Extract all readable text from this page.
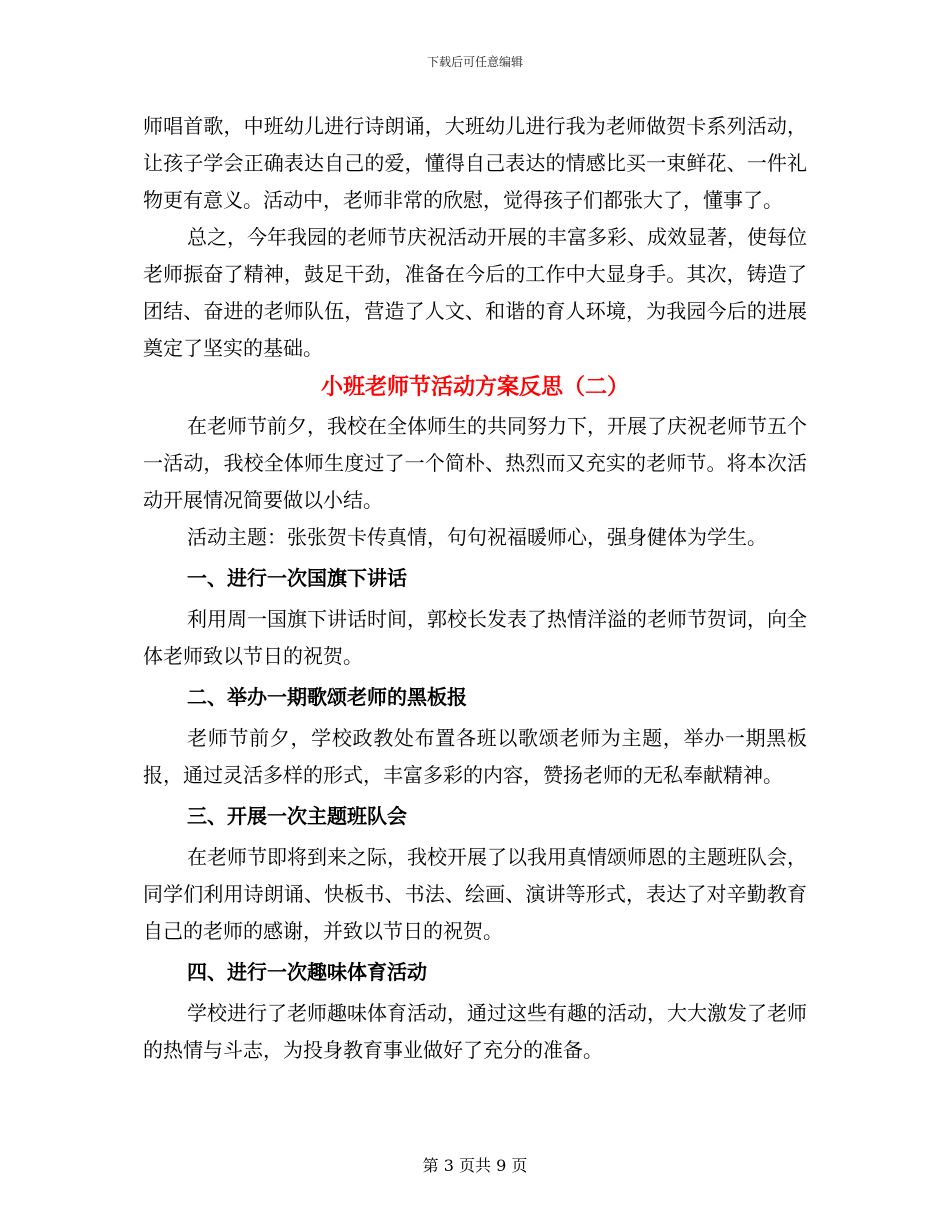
下载后可任意编辑

师唱首歌，中班幼儿进行诗朗诵，大班幼儿进行我为老师做贺卡系列活动，让孩子学会正确表达自己的爱，懂得自己表达的情感比买一束鲜花、一件礼物更有意义。活动中，老师非常的欣慰，觉得孩子们都张大了，懂事了。

总之，今年我园的老师节庆祝活动开展的丰富多彩、成效显著，使每位老师振奋了精神，鼓足干劲，准备在今后的工作中大显身手。其次，铸造了团结、奋进的老师队伍，营造了人文、和谐的育人环境，为我园今后的进展奠定了坚实的基础。

小班老师节活动方案反思（二）

在老师节前夕，我校在全体师生的共同努力下，开展了庆祝老师节五个一活动，我校全体师生度过了一个简朴、热烈而又充实的老师节。将本次活动开展情况简要做以小结。

活动主题：张张贺卡传真情，句句祝福暖师心，强身健体为学生。

一、进行一次国旗下讲话

利用周一国旗下讲话时间，郭校长发表了热情洋溢的老师节贺词，向全体老师致以节日的祝贺。

二、举办一期歌颂老师的黑板报

老师节前夕，学校政教处布置各班以歌颂老师为主题，举办一期黑板报，通过灵活多样的形式，丰富多彩的内容，赞扬老师的无私奉献精神。

三、开展一次主题班队会

在老师节即将到来之际，我校开展了以我用真情颂师恩的主题班队会，同学们利用诗朗诵、快板书、书法、绘画、演讲等形式，表达了对辛勤教育自己的老师的感谢，并致以节日的祝贺。

四、进行一次趣味体育活动

学校进行了老师趣味体育活动，通过这些有趣的活动，大大激发了老师的热情与斗志，为投身教育事业做好了充分的准备。

第 3 页共 9 页
